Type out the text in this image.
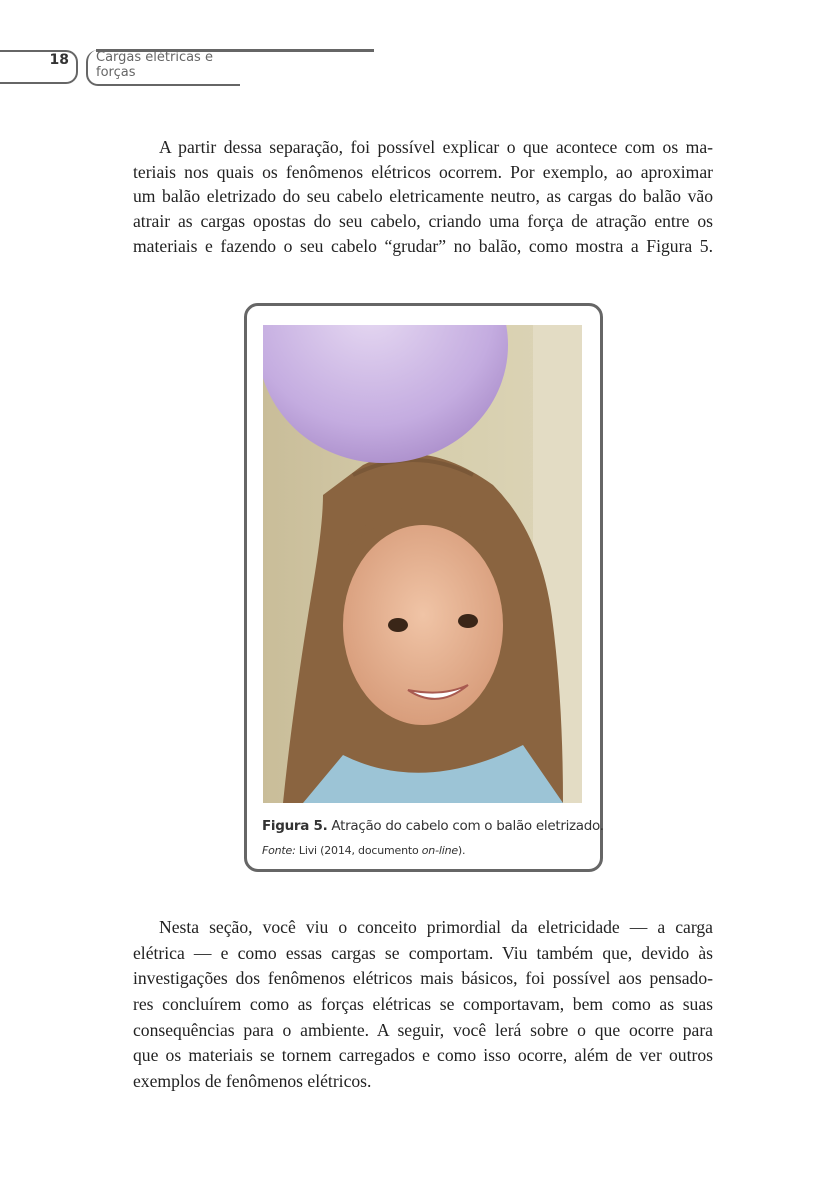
18	Cargas elétricas e forças
A partir dessa separação, foi possível explicar o que acontece com os ma-
teriais nos quais os fenômenos elétricos ocorrem. Por exemplo, ao aproximar
um balão eletrizado do seu cabelo eletricamente neutro, as cargas do balão vão
atrair as cargas opostas do seu cabelo, criando uma força de atração entre os
materiais e fazendo o seu cabelo “grudar” no balão, como mostra a Figura 5.
Figura 5. Atração do cabelo com o balão eletrizado.
Fonte: Livi (2014, documento on-line).
Nesta seção, você viu o conceito primordial da eletricidade — a carga
elétrica — e como essas cargas se comportam. Viu também que, devido às
investigações dos fenômenos elétricos mais básicos, foi possível aos pensado-
res concluírem como as forças elétricas se comportavam, bem como as suas
consequências para o ambiente. A seguir, você lerá sobre o que ocorre para
que os materiais se tornem carregados e como isso ocorre, além de ver outros
exemplos de fenômenos elétricos.
